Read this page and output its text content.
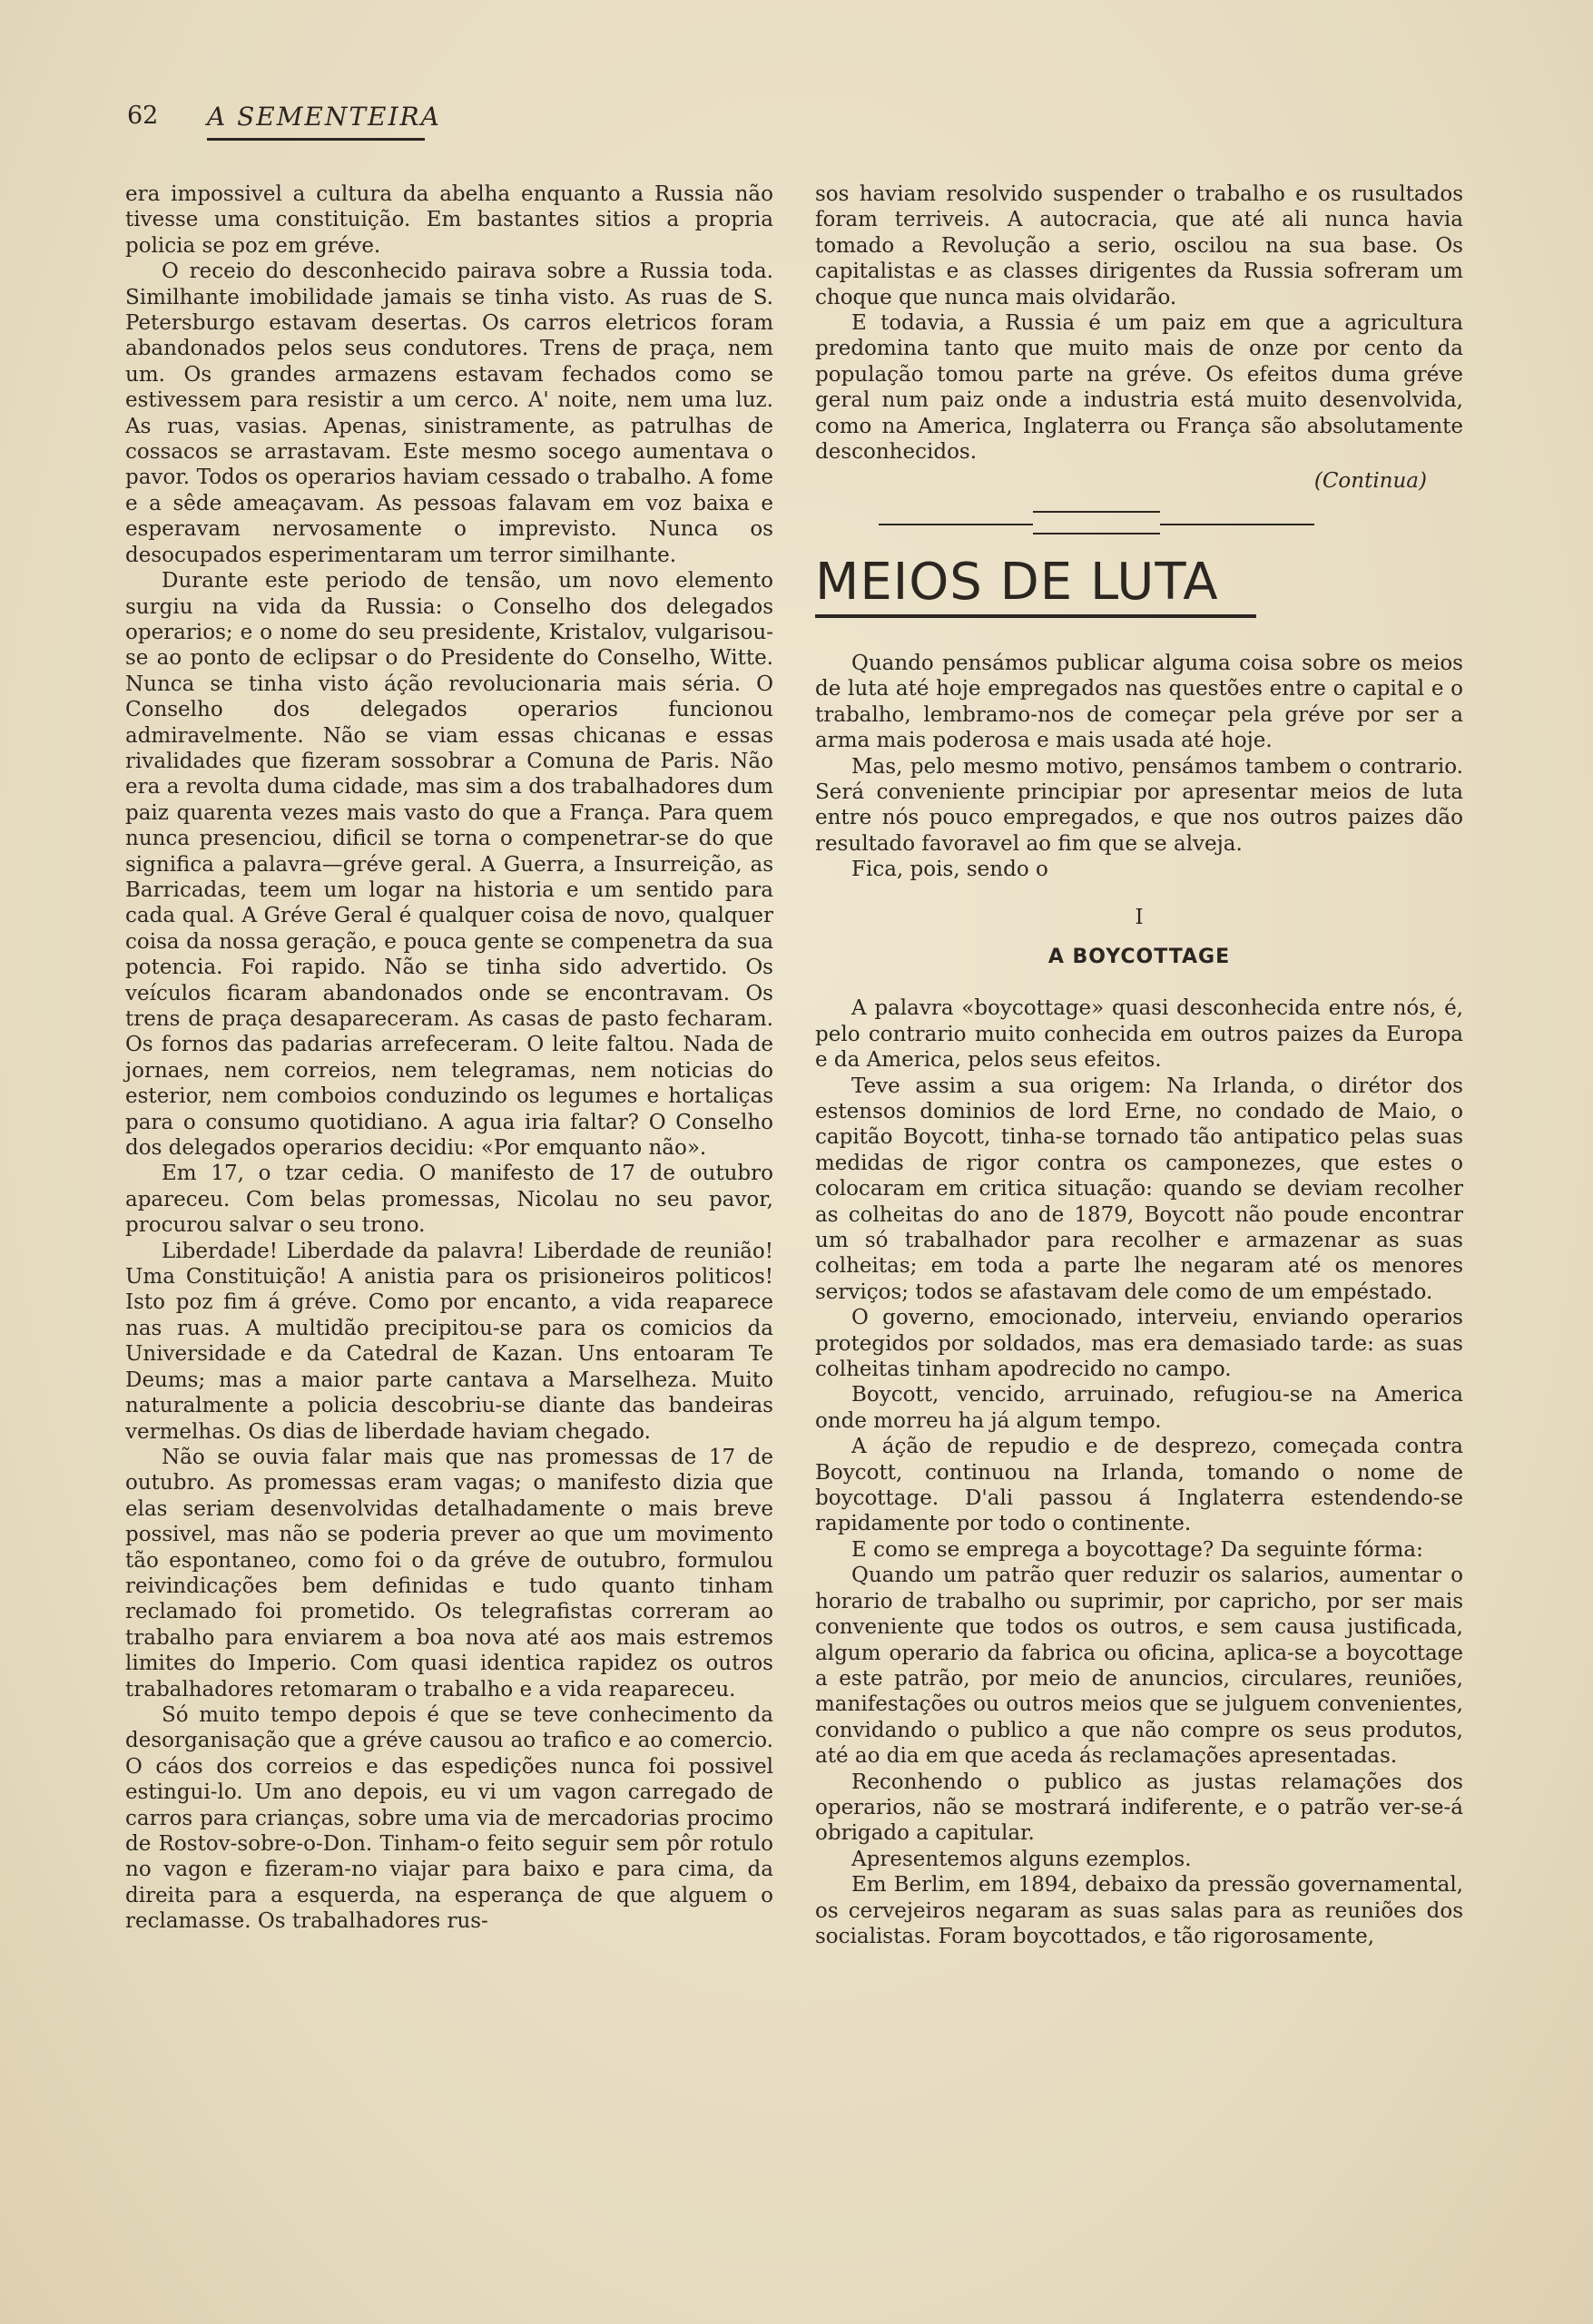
62 A SEMENTEIRA

era impossivel a cultura da abelha enquanto a Russia não tivesse uma constituição. Em bastantes sitios a propria policia se poz em gréve.

O receio do desconhecido pairava sobre a Russia toda. Similhante imobilidade jamais se tinha visto. As ruas de S. Petersburgo estavam desertas. Os carros eletricos foram abandonados pelos seus condutores. Trens de praça, nem um. Os grandes armazens estavam fechados como se estivessem para resistir a um cerco. A' noite, nem uma luz. As ruas, vasias. Apenas, sinistramente, as patrulhas de cossacos se arrastavam. Este mesmo socego aumentava o pavor. Todos os operarios haviam cessado o trabalho. A fome e a sêde ameaçavam. As pessoas falavam em voz baixa e esperavam nervosamente o imprevisto. Nunca os desocupados esperimentaram um terror similhante.

Durante este periodo de tensão, um novo elemento surgiu na vida da Russia: o Conselho dos delegados operarios; e o nome do seu presidente, Kristalov, vulgarisou-se ao ponto de eclipsar o do Presidente do Conselho, Witte. Nunca se tinha visto áção revolucionaria mais séria. O Conselho dos delegados operarios funcionou admiravelmente. Não se viam essas chicanas e essas rivalidades que fizeram sossobrar a Comuna de Paris. Não era a revolta duma cidade, mas sim a dos trabalhadores dum paiz quarenta vezes mais vasto do que a França. Para quem nunca presenciou, dificil se torna o compenetrar-se do que significa a palavra—gréve geral. A Guerra, a Insurreição, as Barricadas, teem um logar na historia e um sentido para cada qual. A Gréve Geral é qualquer coisa de novo, qualquer coisa da nossa geração, e pouca gente se compenetra da sua potencia. Foi rapido. Não se tinha sido advertido. Os veículos ficaram abandonados onde se encontravam. Os trens de praça desapareceram. As casas de pasto fecharam. Os fornos das padarias arrefeceram. O leite faltou. Nada de jornaes, nem correios, nem telegramas, nem noticias do esterior, nem comboios conduzindo os legumes e hortaliças para o consumo quotidiano. A agua iria faltar? O Conselho dos delegados operarios decidiu: «Por emquanto não».

Em 17, o tzar cedia. O manifesto de 17 de outubro apareceu. Com belas promessas, Nicolau no seu pavor, procurou salvar o seu trono.

Liberdade! Liberdade da palavra! Liberdade de reunião! Uma Constituição! A anistia para os prisioneiros politicos! Isto poz fim á gréve. Como por encanto, a vida reaparece nas ruas. A multidão precipitou-se para os comicios da Universidade e da Catedral de Kazan. Uns entoaram Te Deums; mas a maior parte cantava a Marselheza. Muito naturalmente a policia descobriu-se diante das bandeiras vermelhas. Os dias de liberdade haviam chegado.

Não se ouvia falar mais que nas promessas de 17 de outubro. As promessas eram vagas; o manifesto dizia que elas seriam desenvolvidas detalhadamente o mais breve possivel, mas não se poderia prever ao que um movimento tão espontaneo, como foi o da gréve de outubro, formulou reivindicações bem definidas e tudo quanto tinham reclamado foi prometido. Os telegrafistas correram ao trabalho para enviarem a boa nova até aos mais estremos limites do Imperio. Com quasi identica rapidez os outros trabalhadores retomaram o trabalho e a vida reapareceu.

Só muito tempo depois é que se teve conhecimento da desorganisação que a gréve causou ao trafico e ao comercio. O cáos dos correios e das espedições nunca foi possivel estingui-lo. Um ano depois, eu vi um vagon carregado de carros para crianças, sobre uma via de mercadorias procimo de Rostov-sobre-o-Don. Tinham-o feito seguir sem pôr rotulo no vagon e fizeram-no viajar para baixo e para cima, da direita para a esquerda, na esperança de que alguem o reclamasse. Os trabalhadores rus-

sos haviam resolvido suspender o trabalho e os rusultados foram terriveis. A autocracia, que até ali nunca havia tomado a Revolução a serio, oscilou na sua base. Os capitalistas e as classes dirigentes da Russia sofreram um choque que nunca mais olvidarão.

E todavia, a Russia é um paiz em que a agricultura predomina tanto que muito mais de onze por cento da população tomou parte na gréve. Os efeitos duma gréve geral num paiz onde a industria está muito desenvolvida, como na America, Inglaterra ou França são absolutamente desconhecidos.

(Continua)
MEIOS DE LUTA

Quando pensámos publicar alguma coisa sobre os meios de luta até hoje empregados nas questões entre o capital e o trabalho, lembramo-nos de começar pela gréve por ser a arma mais poderosa e mais usada até hoje.

Mas, pelo mesmo motivo, pensámos tambem o contrario. Será conveniente principiar por apresentar meios de luta entre nós pouco empregados, e que nos outros paizes dão resultado favoravel ao fim que se alveja.

Fica, pois, sendo o

I
A BOYCOTTAGE

A palavra «boycottage» quasi desconhecida entre nós, é, pelo contrario muito conhecida em outros paizes da Europa e da America, pelos seus efeitos.

Teve assim a sua origem: Na Irlanda, o dirétor dos estensos dominios de lord Erne, no condado de Maio, o capitão Boycott, tinha-se tornado tão antipatico pelas suas medidas de rigor contra os camponezes, que estes o colocaram em critica situação: quando se deviam recolher as colheitas do ano de 1879, Boycott não poude encontrar um só trabalhador para recolher e armazenar as suas colheitas; em toda a parte lhe negaram até os menores serviços; todos se afastavam dele como de um empéstado.

O governo, emocionado, interveiu, enviando operarios protegidos por soldados, mas era demasiado tarde: as suas colheitas tinham apodrecido no campo.

Boycott, vencido, arruinado, refugiou-se na America onde morreu ha já algum tempo.

A áção de repudio e de desprezo, começada contra Boycott, continuou na Irlanda, tomando o nome de boycottage. D'ali passou á Inglaterra estendendo-se rapidamente por todo o continente.

E como se emprega a boycottage? Da seguinte fórma:

Quando um patrão quer reduzir os salarios, aumentar o horario de trabalho ou suprimir, por capricho, por ser mais conveniente que todos os outros, e sem causa justificada, algum operario da fabrica ou oficina, aplica-se a boycottage a este patrão, por meio de anuncios, circulares, reuniões, manifestações ou outros meios que se julguem convenientes, convidando o publico a que não compre os seus produtos, até ao dia em que aceda ás reclamações apresentadas.

Reconhendo o publico as justas relamações dos operarios, não se mostrará indiferente, e o patrão ver-se-á obrigado a capitular.

Apresentemos alguns ezemplos.

Em Berlim, em 1894, debaixo da pressão governamental, os cervejeiros negaram as suas salas para as reuniões dos socialistas. Foram boycottados, e tão rigorosamente,
